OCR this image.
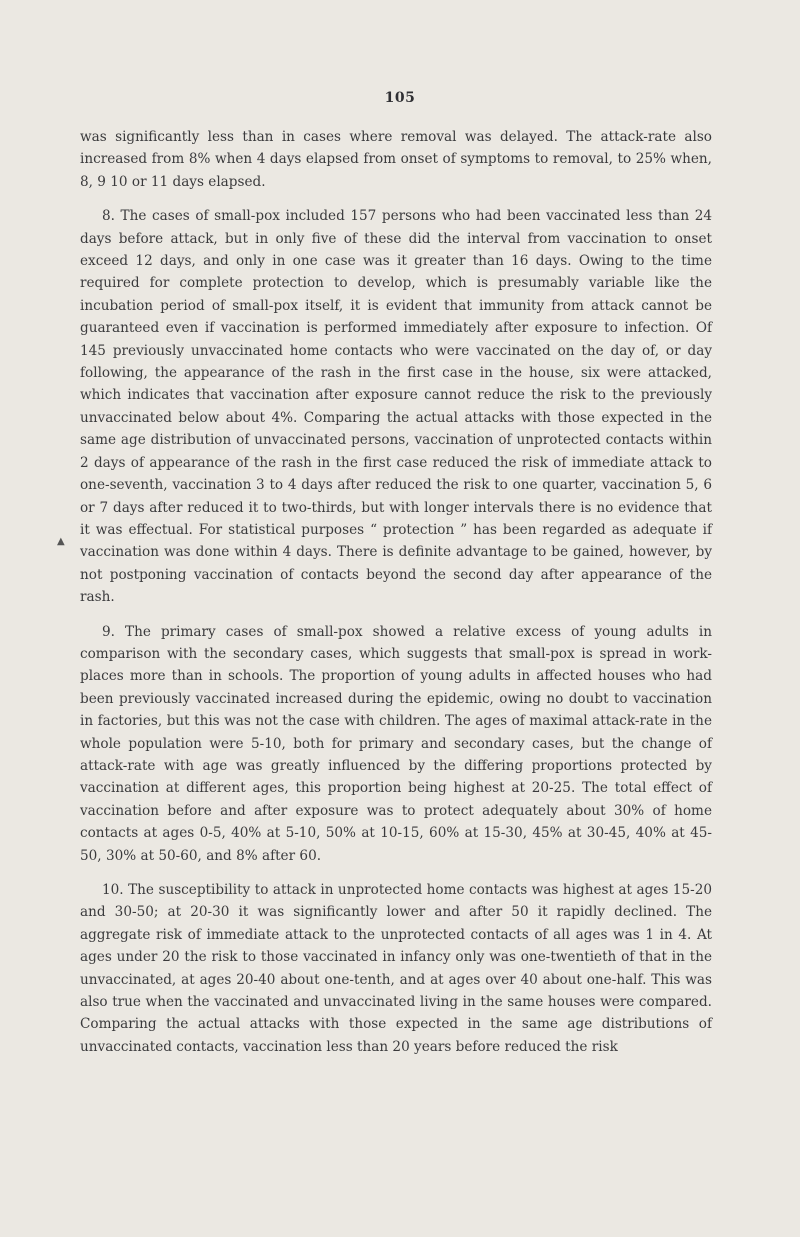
105
▲

was significantly less than in cases where removal was delayed. The attack-rate also increased from 8% when 4 days elapsed from onset of symptoms to removal, to 25% when, 8, 9 10 or 11 days elapsed.

8. The cases of small-pox included 157 persons who had been vaccinated less than 24 days before attack, but in only five of these did the interval from vaccination to onset exceed 12 days, and only in one case was it greater than 16 days. Owing to the time required for complete protection to develop, which is presumably variable like the incubation period of small-pox itself, it is evident that immunity from attack cannot be guaranteed even if vaccination is performed immediately after exposure to infection. Of 145 previously unvaccinated home contacts who were vaccinated on the day of, or day following, the appearance of the rash in the first case in the house, six were attacked, which indicates that vaccination after exposure cannot reduce the risk to the previously unvaccinated below about 4%. Comparing the actual attacks with those expected in the same age distribution of unvaccinated persons, vaccination of unprotected contacts within 2 days of appearance of the rash in the first case reduced the risk of immediate attack to one-seventh, vaccination 3 to 4 days after reduced the risk to one quarter, vaccination 5, 6 or 7 days after reduced it to two-thirds, but with longer intervals there is no evidence that it was effectual. For statistical purposes “ protection ” has been regarded as adequate if vaccination was done within 4 days. There is definite advantage to be gained, however, by not postponing vaccination of contacts beyond the second day after appearance of the rash.

9. The primary cases of small-pox showed a relative excess of young adults in comparison with the secondary cases, which suggests that small-pox is spread in work-places more than in schools. The proportion of young adults in affected houses who had been previously vaccinated increased during the epidemic, owing no doubt to vaccination in factories, but this was not the case with children. The ages of maximal attack-rate in the whole population were 5-10, both for primary and secondary cases, but the change of attack-rate with age was greatly influenced by the differing proportions protected by vaccination at different ages, this proportion being highest at 20-25. The total effect of vaccination before and after exposure was to protect adequately about 30% of home contacts at ages 0-5, 40% at 5-10, 50% at 10-15, 60% at 15-30, 45% at 30-45, 40% at 45-50, 30% at 50-60, and 8% after 60.

10. The susceptibility to attack in unprotected home contacts was highest at ages 15-20 and 30-50; at 20-30 it was significantly lower and after 50 it rapidly declined. The aggregate risk of immediate attack to the unprotected contacts of all ages was 1 in 4. At ages under 20 the risk to those vaccinated in infancy only was one-twentieth of that in the unvaccinated, at ages 20-40 about one-tenth, and at ages over 40 about one-half. This was also true when the vaccinated and unvaccinated living in the same houses were compared. Comparing the actual attacks with those expected in the same age distributions of unvaccinated contacts, vaccination less than 20 years before reduced the risk
